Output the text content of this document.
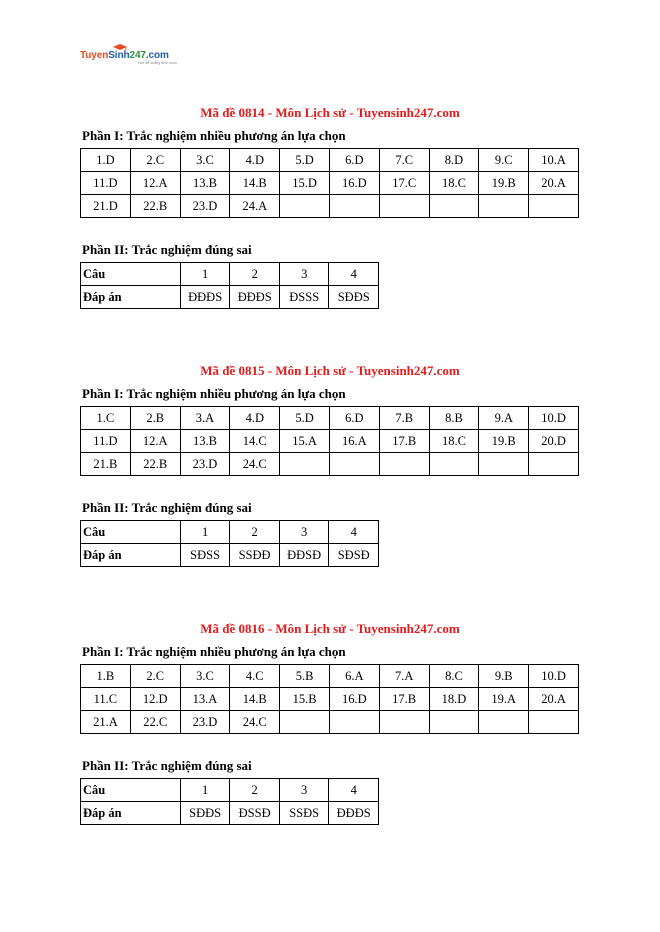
TuyenSinh247.com
Học để khẳng định mình
Mã đề 0814 - Môn Lịch sử - Tuyensinh247.com
Phần I: Trắc nghiệm nhiều phương án lựa chọn
1.D	2.C	3.C	4.D	5.D	6.D	7.C	8.D	9.C	10.A
11.D	12.A	13.B	14.B	15.D	16.D	17.C	18.C	19.B	20.A
21.D	22.B	23.D	24.A						
Phần II: Trắc nghiệm đúng sai
Câu	1	2	3	4
Đáp án	ĐĐĐS	ĐĐĐS	ĐSSS	SĐĐS
Mã đề 0815 - Môn Lịch sử - Tuyensinh247.com
Phần I: Trắc nghiệm nhiều phương án lựa chọn
1.C	2.B	3.A	4.D	5.D	6.D	7.B	8.B	9.A	10.D
11.D	12.A	13.B	14.C	15.A	16.A	17.B	18.C	19.B	20.D
21.B	22.B	23.D	24.C						
Phần II: Trắc nghiệm đúng sai
Câu	1	2	3	4
Đáp án	SĐSS	SSĐĐ	ĐĐSĐ	SĐSĐ
Mã đề 0816 - Môn Lịch sử - Tuyensinh247.com
Phần I: Trắc nghiệm nhiều phương án lựa chọn
1.B	2.C	3.C	4.C	5.B	6.A	7.A	8.C	9.B	10.D
11.C	12.D	13.A	14.B	15.B	16.D	17.B	18.D	19.A	20.A
21.A	22.C	23.D	24.C						
Phần II: Trắc nghiệm đúng sai
Câu	1	2	3	4
Đáp án	SĐĐS	ĐSSĐ	SSĐS	ĐĐĐS
